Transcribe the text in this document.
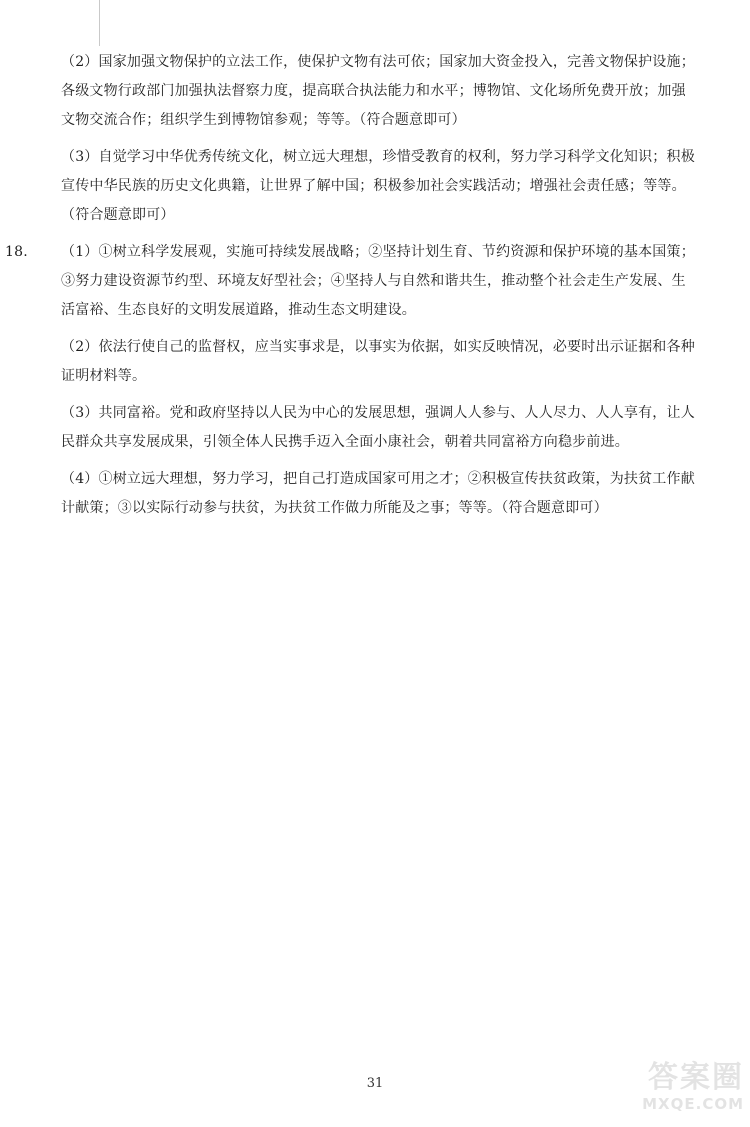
（2）国家加强文物保护的立法工作，使保护文物有法可依；国家加大资金投入，完善文物保护设施；
各级文物行政部门加强执法督察力度，提高联合执法能力和水平；博物馆、文化场所免费开放；加强
文物交流合作；组织学生到博物馆参观；等等。（符合题意即可）
（3）自觉学习中华优秀传统文化，树立远大理想，珍惜受教育的权利，努力学习科学文化知识；积极
宣传中华民族的历史文化典籍，让世界了解中国；积极参加社会实践活动；增强社会责任感；等等。
（符合题意即可）
18. （1）①树立科学发展观，实施可持续发展战略；②坚持计划生育、节约资源和保护环境的基本国策；
③努力建设资源节约型、环境友好型社会；④坚持人与自然和谐共生，推动整个社会走生产发展、生
活富裕、生态良好的文明发展道路，推动生态文明建设。
（2）依法行使自己的监督权，应当实事求是，以事实为依据，如实反映情况，必要时出示证据和各种
证明材料等。
（3）共同富裕。党和政府坚持以人民为中心的发展思想，强调人人参与、人人尽力、人人享有，让人
民群众共享发展成果，引领全体人民携手迈入全面小康社会，朝着共同富裕方向稳步前进。
（4）①树立远大理想，努力学习，把自己打造成国家可用之才；②积极宣传扶贫政策，为扶贫工作献
计献策；③以实际行动参与扶贫，为扶贫工作做力所能及之事；等等。（符合题意即可）
31	答案圈
MXQE.COM
